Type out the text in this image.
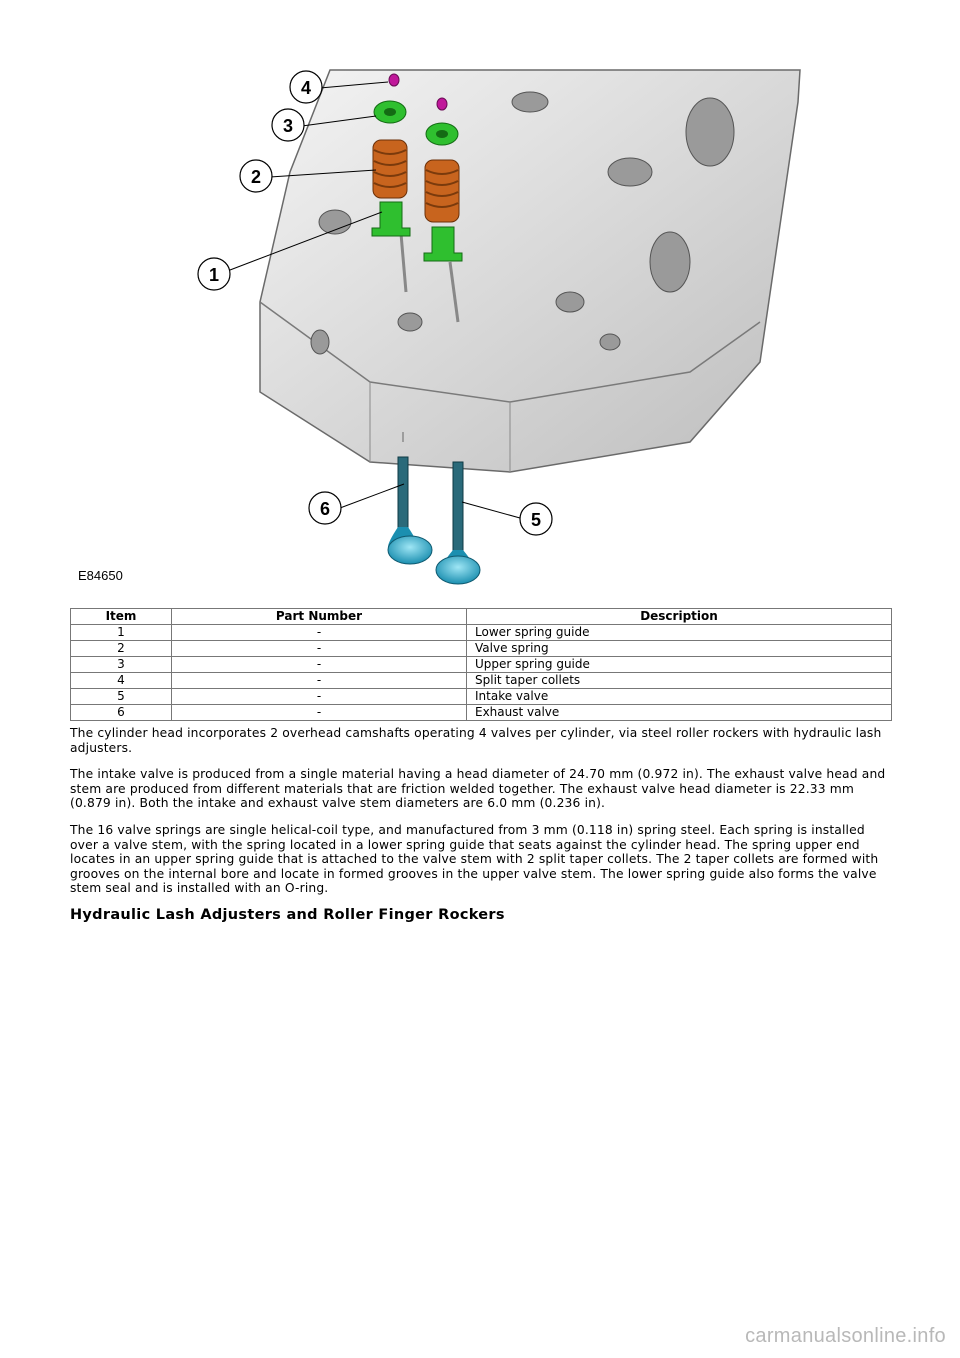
1
2
3
4
5
6
E84650
Item	Part Number	Description
1	-	Lower spring guide
2	-	Valve spring
3	-	Upper spring guide
4	-	Split taper collets
5	-	Intake valve
6	-	Exhaust valve

The cylinder head incorporates 2 overhead camshafts operating 4 valves per cylinder, via steel roller rockers with hydraulic lash adjusters.

The intake valve is produced from a single material having a head diameter of 24.70 mm (0.972 in). The exhaust valve head and stem are produced from different materials that are friction welded together. The exhaust valve head diameter is 22.33 mm (0.879 in). Both the intake and exhaust valve stem diameters are 6.0 mm (0.236 in).

The 16 valve springs are single helical-coil type, and manufactured from 3 mm (0.118 in) spring steel. Each spring is installed over a valve stem, with the spring located in a lower spring guide that seats against the cylinder head. The spring upper end locates in an upper spring guide that is attached to the valve stem with 2 split taper collets. The 2 taper collets are formed with grooves on the internal bore and locate in formed grooves in the upper valve stem. The lower spring guide also forms the valve stem seal and is installed with an O-ring.

Hydraulic Lash Adjusters and Roller Finger Rockers
carmanualsonline.info
